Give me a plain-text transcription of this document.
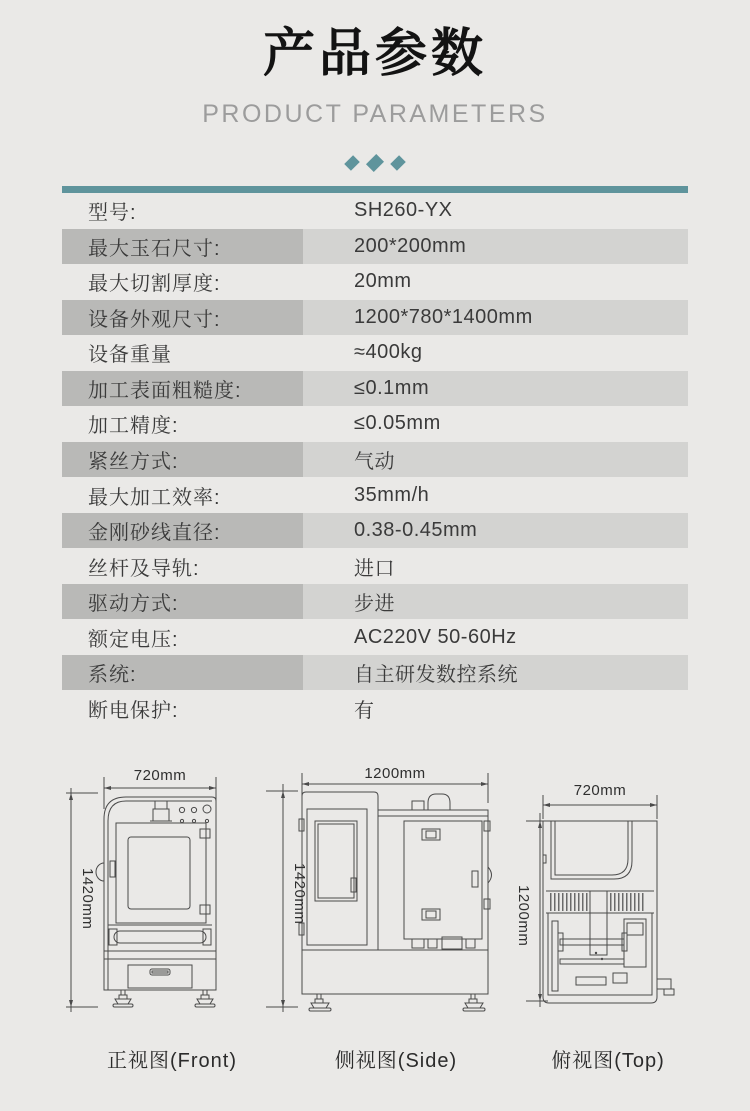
产品参数
PRODUCT PARAMETERS
型号:	SH260-YX
最大玉石尺寸:	200*200mm
最大切割厚度:	20mm
设备外观尺寸:	1200*780*1400mm
设备重量	≈400kg
加工表面粗糙度:	≤0.1mm
加工精度:	≤0.05mm
紧丝方式:	气动
最大加工效率:	35mm/h
金刚砂线直径:	0.38-0.45mm
丝杆及导轨:	进口
驱动方式:	步进
额定电压:	AC220V 50-60Hz
系统:	自主研发数控系统
断电保护:	有
720mm
1420mm
正视图(Front)
1200mm
1420mm
侧视图(Side)
720mm
1200mm
俯视图(Top)
